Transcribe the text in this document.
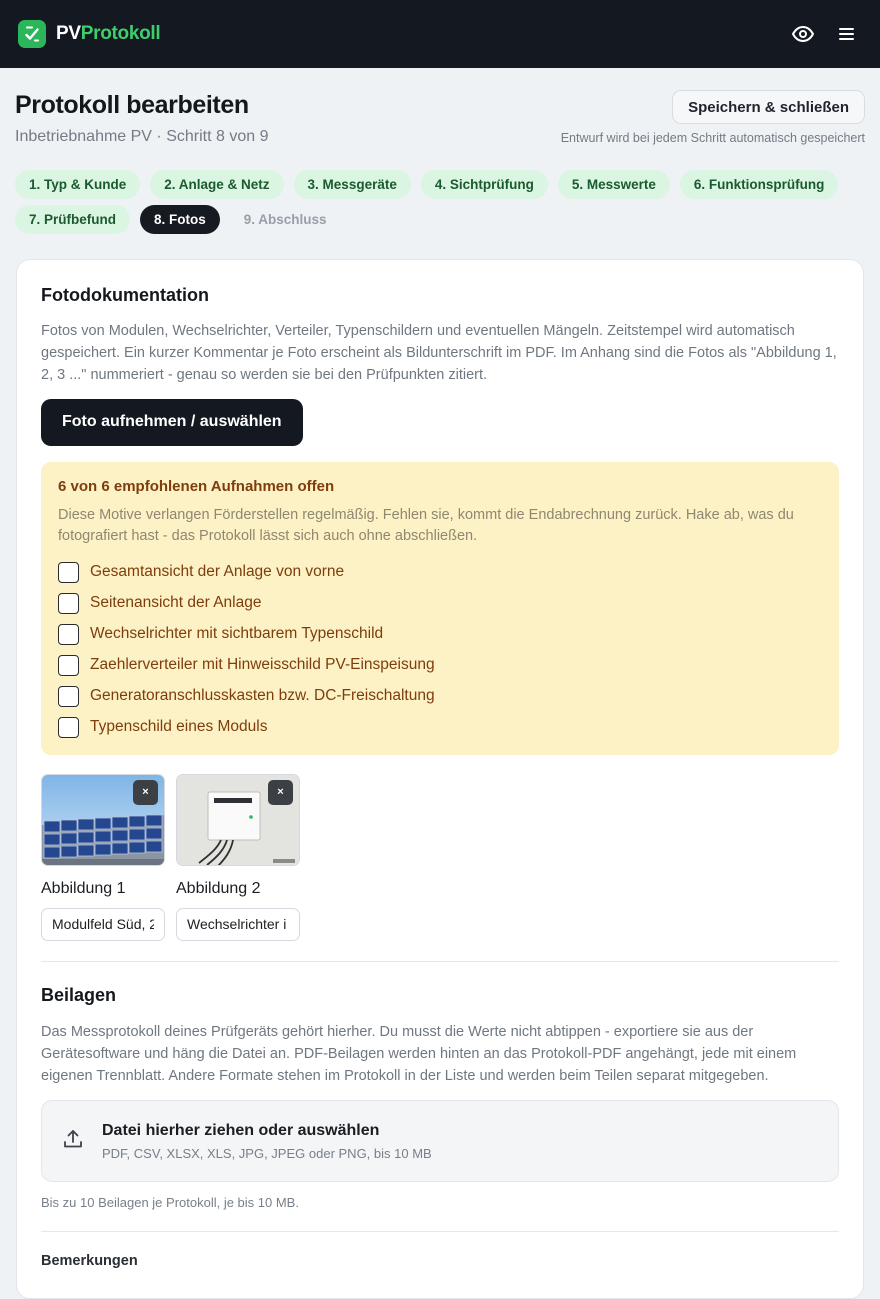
PVProtokoll
Protokoll bearbeiten
Inbetriebnahme PV · Schritt 8 von 9
Speichern & schließen
Entwurf wird bei jedem Schritt automatisch gespeichert
1. Typ & Kunde	2. Anlage & Netz	3. Messgeräte	4. Sichtprüfung	5. Messwerte	6. Funktionsprüfung
7. Prüfbefund	8. Fotos	9. Abschluss
Fotodokumentation

Fotos von Modulen, Wechselrichter, Verteiler, Typenschildern und eventuellen Mängeln. Zeitstempel wird automatisch gespeichert. Ein kurzer Kommentar je Foto erscheint als Bildunterschrift im PDF. Im Anhang sind die Fotos als "Abbildung 1, 2, 3 ..." nummeriert - genau so werden sie bei den Prüfpunkten zitiert.

Foto aufnehmen / auswählen
6 von 6 empfohlenen Aufnahmen offen
Diese Motive verlangen Förderstellen regelmäßig. Fehlen sie, kommt die Endabrechnung zurück. Hake ab, was du fotografiert hast - das Protokoll lässt sich auch ohne abschließen.
Gesamtansicht der Anlage von vorne
Seitenansicht der Anlage
Wechselrichter mit sichtbarem Typenschild
Zaehlerverteiler mit Hinweisschild PV-Einspeisung
Generatoranschlusskasten bzw. DC-Freischaltung
Typenschild eines Moduls
×
Abbildung 1
Modulfeld Süd, 2
×
Abbildung 2
Wechselrichter i
Beilagen

Das Messprotokoll deines Prüfgeräts gehört hierher. Du musst die Werte nicht abtippen - exportiere sie aus der Gerätesoftware und häng die Datei an. PDF-Beilagen werden hinten an das Protokoll-PDF angehängt, jede mit einem eigenen Trennblatt. Andere Formate stehen im Protokoll in der Liste und werden beim Teilen separat mitgegeben.

Datei hierher ziehen oder auswählen
PDF, CSV, XLSX, XLS, JPG, JPEG oder PNG, bis 10 MB
Bis zu 10 Beilagen je Protokoll, je bis 10 MB.
Bemerkungen
